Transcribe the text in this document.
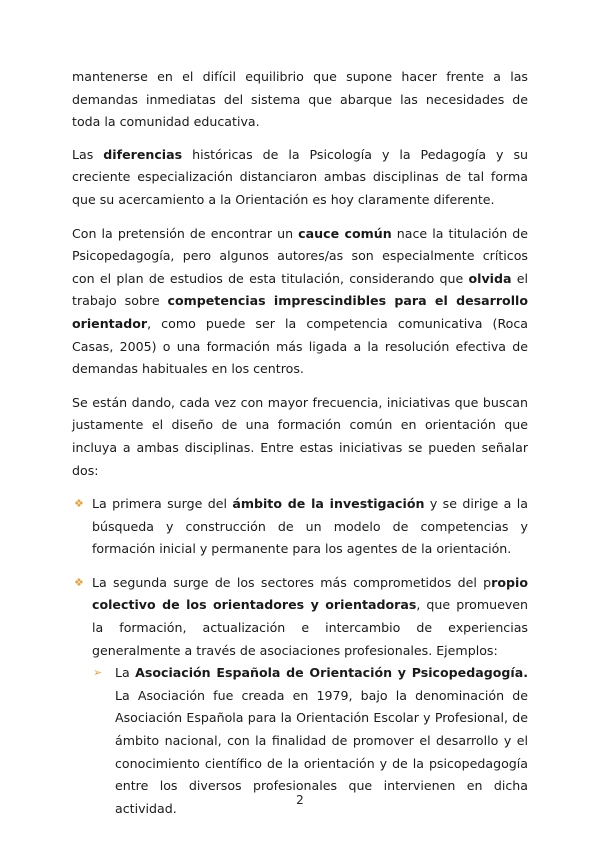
mantenerse en el difícil equilibrio que supone hacer frente a las demandas inmediatas del sistema que abarque las necesidades de toda la comunidad educativa.

Las diferencias históricas de la Psicología y la Pedagogía y su creciente especialización distanciaron ambas disciplinas de tal forma que su acercamiento a la Orientación es hoy claramente diferente.

Con la pretensión de encontrar un cauce común nace la titulación de Psicopedagogía, pero algunos autores/as son especialmente críticos con el plan de estudios de esta titulación, considerando que olvida el trabajo sobre competencias imprescindibles para el desarrollo orientador, como puede ser la competencia comunicativa (Roca Casas, 2005) o una formación más ligada a la resolución efectiva de demandas habituales en los centros.

Se están dando, cada vez con mayor frecuencia, iniciativas que buscan justamente el diseño de una formación común en orientación que incluya a ambas disciplinas. Entre estas iniciativas se pueden señalar dos:

❖ La primera surge del ámbito de la investigación y se dirige a la búsqueda y construcción de un modelo de competencias y formación inicial y permanente para los agentes de la orientación.
❖ La segunda surge de los sectores más comprometidos del propio colectivo de los orientadores y orientadoras, que promueven la formación, actualización e intercambio de experiencias generalmente a través de asociaciones profesionales. Ejemplos:
➢ La Asociación Española de Orientación y Psicopedagogía. La Asociación fue creada en 1979, bajo la denominación de Asociación Española para la Orientación Escolar y Profesional, de ámbito nacional, con la finalidad de promover el desarrollo y el conocimiento científico de la orientación y de la psicopedagogía entre los diversos profesionales que intervienen en dicha actividad.
2
